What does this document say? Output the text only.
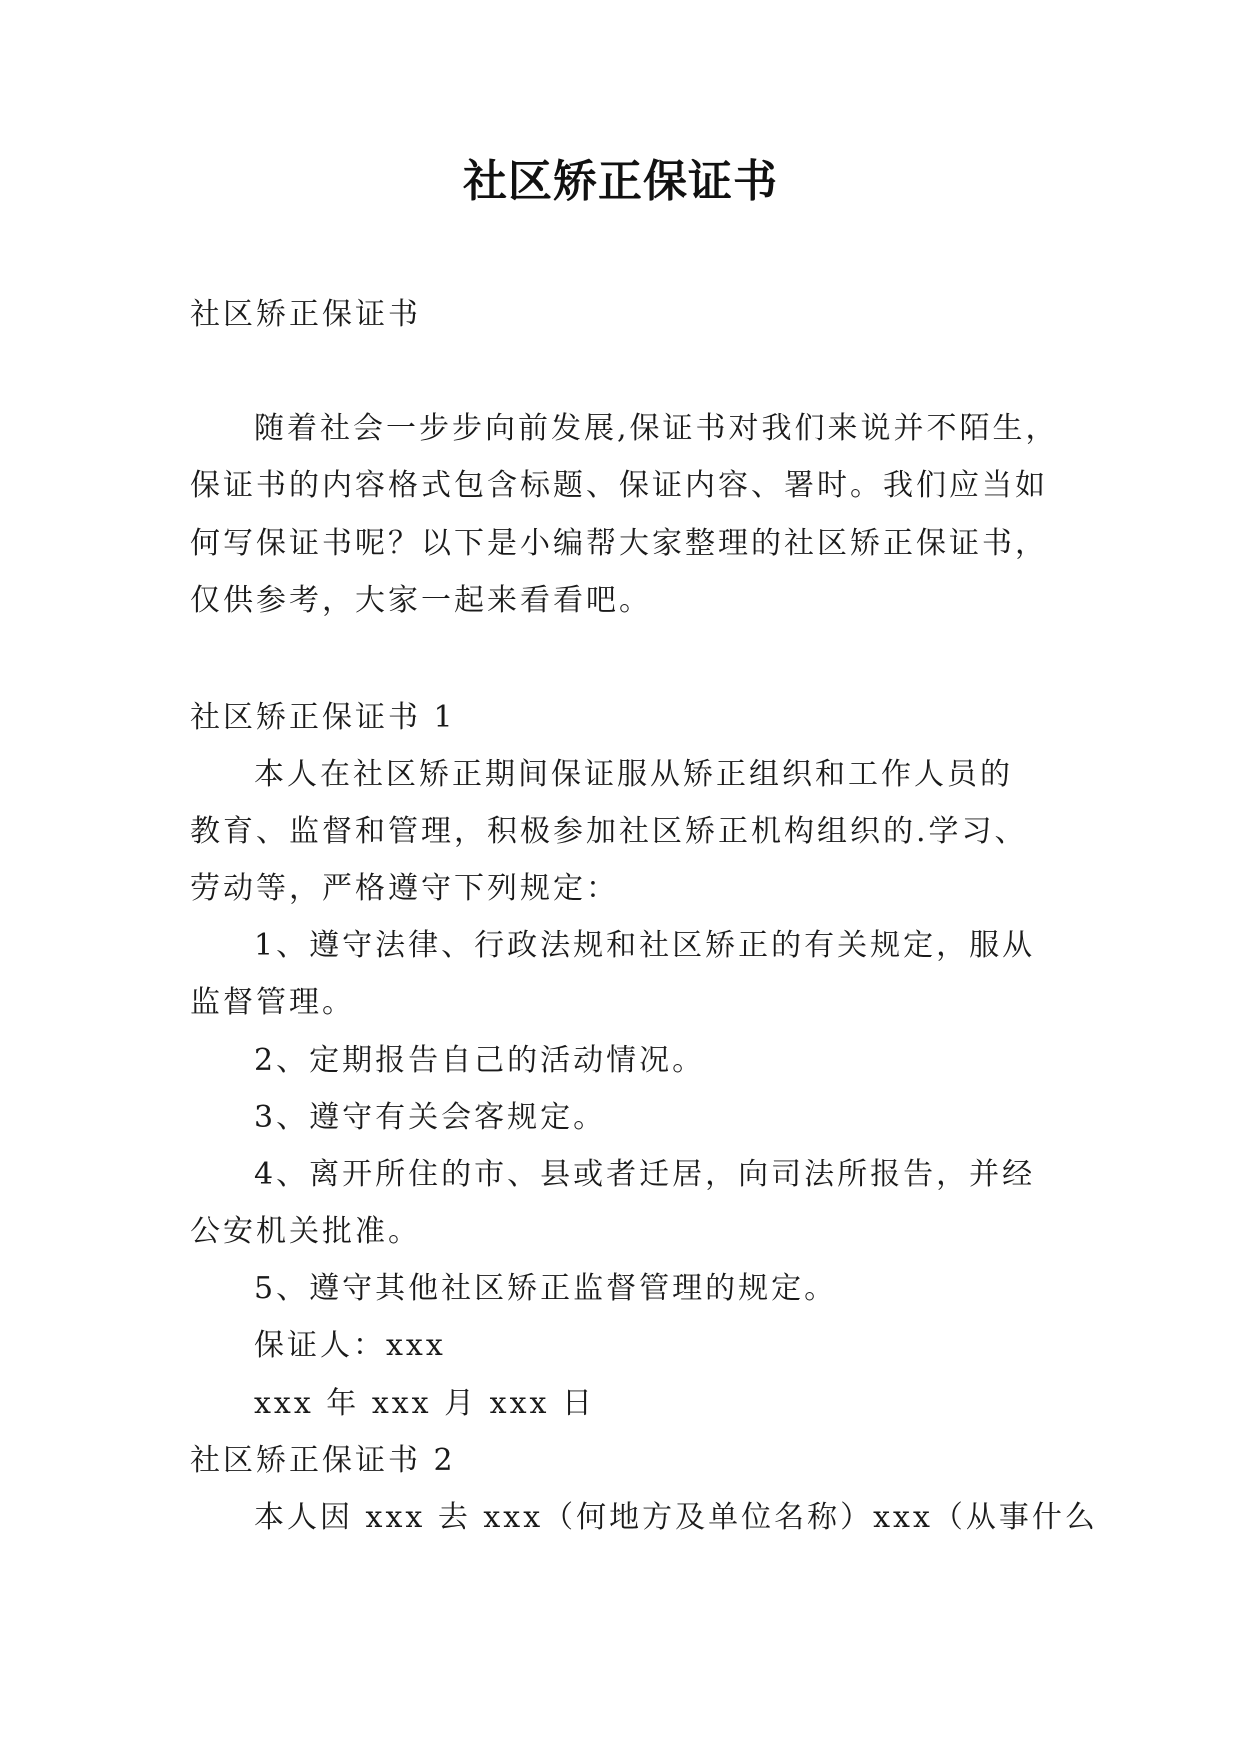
社区矫正保证书
社区矫正保证书
随着社会一步步向前发展,保证书对我们来说并不陌生，
保证书的内容格式包含标题、保证内容、署时。我们应当如
何写保证书呢？以下是小编帮大家整理的社区矫正保证书，
仅供参考，大家一起来看看吧。
社区矫正保证书 1
本人在社区矫正期间保证服从矫正组织和工作人员的
教育、监督和管理，积极参加社区矫正机构组织的.学习、
劳动等，严格遵守下列规定：
1、遵守法律、行政法规和社区矫正的有关规定，服从
监督管理。
2、定期报告自己的活动情况。
3、遵守有关会客规定。
4、离开所住的市、县或者迁居，向司法所报告，并经
公安机关批准。
5、遵守其他社区矫正监督管理的规定。
保证人：xxx
xxx 年 xxx 月 xxx 日
社区矫正保证书 2
本人因 xxx 去 xxx（何地方及单位名称）xxx（从事什么
